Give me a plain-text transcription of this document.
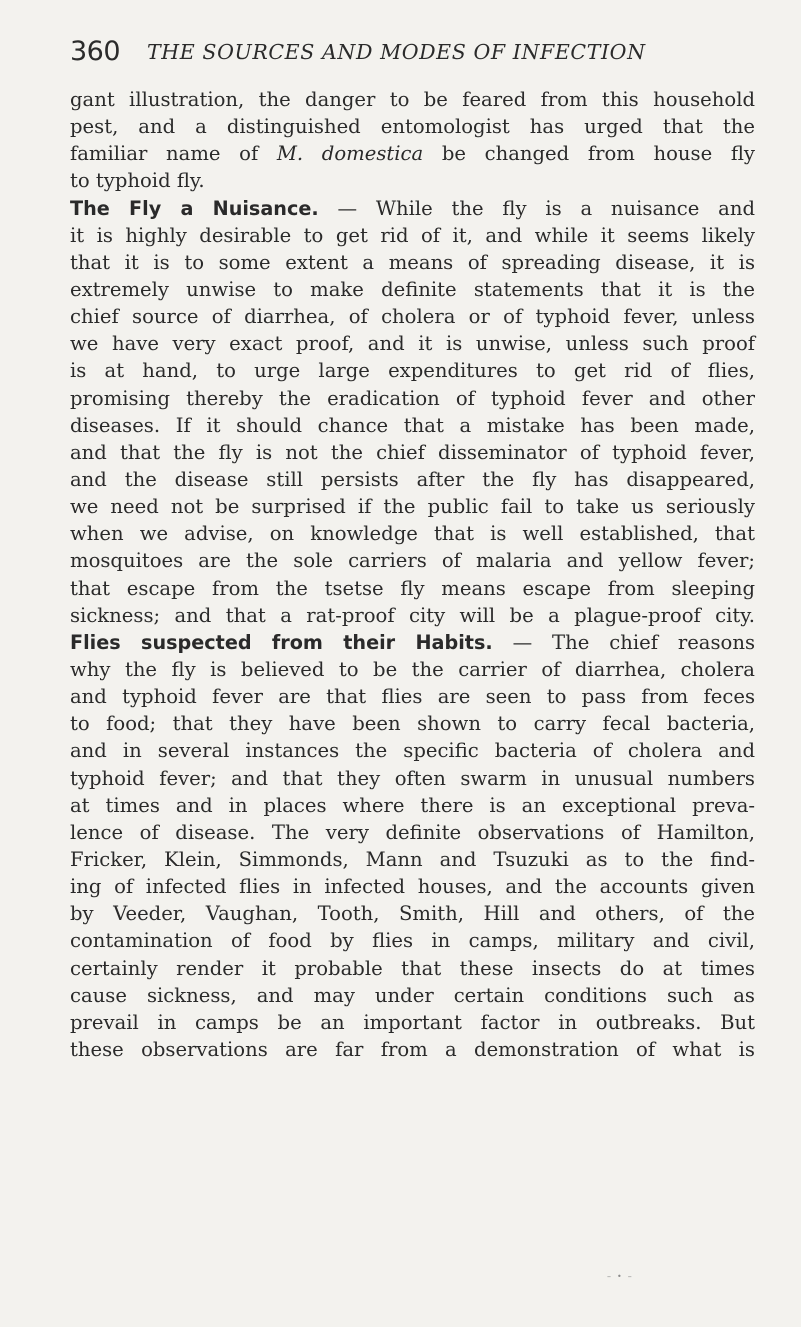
360 THE SOURCES AND MODES OF INFECTION
gant illustration, the danger to be feared from this household
pest, and a distinguished entomologist has urged that the
familiar name of M. domestica be changed from house fly
to typhoid fly.
The Fly a Nuisance. — While the fly is a nuisance and
it is highly desirable to get rid of it, and while it seems likely
that it is to some extent a means of spreading disease, it is
extremely unwise to make definite statements that it is the
chief source of diarrhea, of cholera or of typhoid fever, unless
we have very exact proof, and it is unwise, unless such proof
is at hand, to urge large expenditures to get rid of flies,
promising thereby the eradication of typhoid fever and other
diseases. If it should chance that a mistake has been made,
and that the fly is not the chief disseminator of typhoid fever,
and the disease still persists after the fly has disappeared,
we need not be surprised if the public fail to take us seriously
when we advise, on knowledge that is well established, that
mosquitoes are the sole carriers of malaria and yellow fever;
that escape from the tsetse fly means escape from sleeping
sickness; and that a rat-proof city will be a plague-proof city.
Flies suspected from their Habits. — The chief reasons
why the fly is believed to be the carrier of diarrhea, cholera
and typhoid fever are that flies are seen to pass from feces
to food; that they have been shown to carry fecal bacteria,
and in several instances the specific bacteria of cholera and
typhoid fever; and that they often swarm in unusual numbers
at times and in places where there is an exceptional preva-
lence of disease. The very definite observations of Hamilton,
Fricker, Klein, Simmonds, Mann and Tsuzuki as to the find-
ing of infected flies in infected houses, and the accounts given
by Veeder, Vaughan, Tooth, Smith, Hill and others, of the
contamination of food by flies in camps, military and civil,
certainly render it probable that these insects do at times
cause sickness, and may under certain conditions such as
prevail in camps be an important factor in outbreaks. But
these observations are far from a demonstration of what is
–•–
